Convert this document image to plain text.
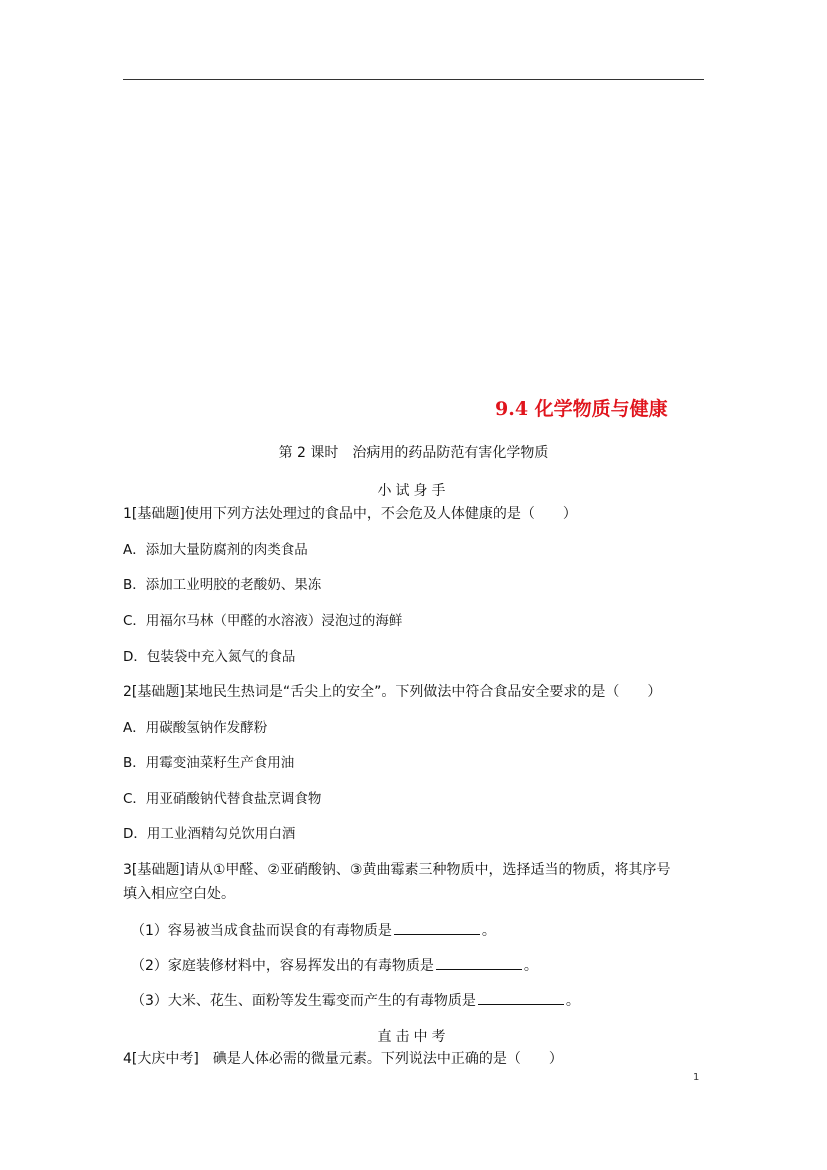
9.4 化学物质与健康
第 2 课时　治病用的药品防范有害化学物质
小试身手
1[基础题]使用下列方法处理过的食品中，不会危及人体健康的是（　　）
A．添加大量防腐剂的肉类食品
B．添加工业明胶的老酸奶、果冻
C．用福尔马林（甲醛的水溶液）浸泡过的海鲜
D．包装袋中充入氮气的食品
2[基础题]某地民生热词是“舌尖上的安全”。下列做法中符合食品安全要求的是（　　）
A．用碳酸氢钠作发酵粉
B．用霉变油菜籽生产食用油
C．用亚硝酸钠代替食盐烹调食物
D．用工业酒精勾兑饮用白酒
3[基础题]请从①甲醛、②亚硝酸钠、③黄曲霉素三种物质中，选择适当的物质，将其序号
填入相应空白处。
（1）容易被当成食盐而误食的有毒物质是	。
（2）家庭装修材料中，容易挥发出的有毒物质是	。
（3）大米、花生、面粉等发生霉变而产生的有毒物质是	。
直击中考
4[大庆中考]　碘是人体必需的微量元素。下列说法中正确的是（　　）
1
